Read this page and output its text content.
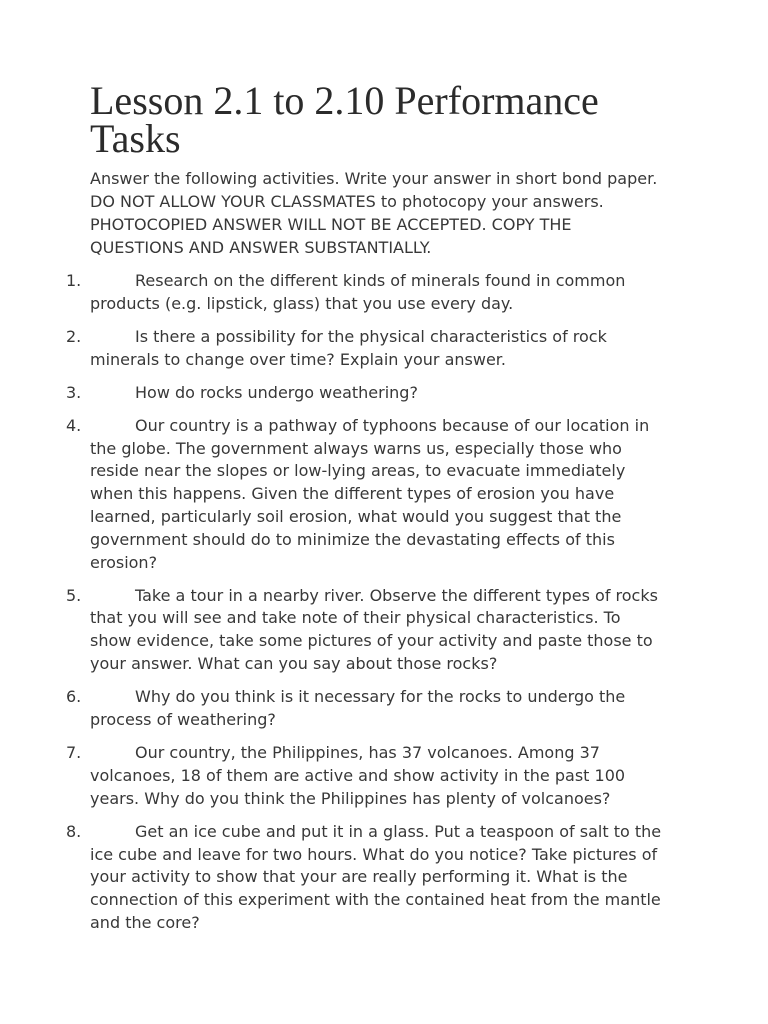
Lesson 2.1 to 2.10 Performance Tasks
Answer the following activities. Write your answer in short bond paper.
DO NOT ALLOW YOUR CLASSMATES to photocopy your answers.
PHOTOCOPIED ANSWER WILL NOT BE ACCEPTED. COPY THE
QUESTIONS AND ANSWER SUBSTANTIALLY.
1.	Research on the different kinds of minerals found in common
products (e.g. lipstick, glass) that you use every day.
2.	Is there a possibility for the physical characteristics of rock
minerals to change over time? Explain your answer.
3.	How do rocks undergo weathering?
4.	Our country is a pathway of typhoons because of our location in
the globe. The government always warns us, especially those who
reside near the slopes or low-lying areas, to evacuate immediately
when this happens. Given the different types of erosion you have
learned, particularly soil erosion, what would you suggest that the
government should do to minimize the devastating effects of this
erosion?
5.	Take a tour in a nearby river. Observe the different types of rocks
that you will see and take note of their physical characteristics. To
show evidence, take some pictures of your activity and paste those to
your answer. What can you say about those rocks?
6.	Why do you think is it necessary for the rocks to undergo the
process of weathering?
7.	Our country, the Philippines, has 37 volcanoes. Among 37
volcanoes, 18 of them are active and show activity in the past 100
years. Why do you think the Philippines has plenty of volcanoes?
8.	Get an ice cube and put it in a glass. Put a teaspoon of salt to the
ice cube and leave for two hours. What do you notice? Take pictures of
your activity to show that your are really performing it. What is the
connection of this experiment with the contained heat from the mantle
and the core?
